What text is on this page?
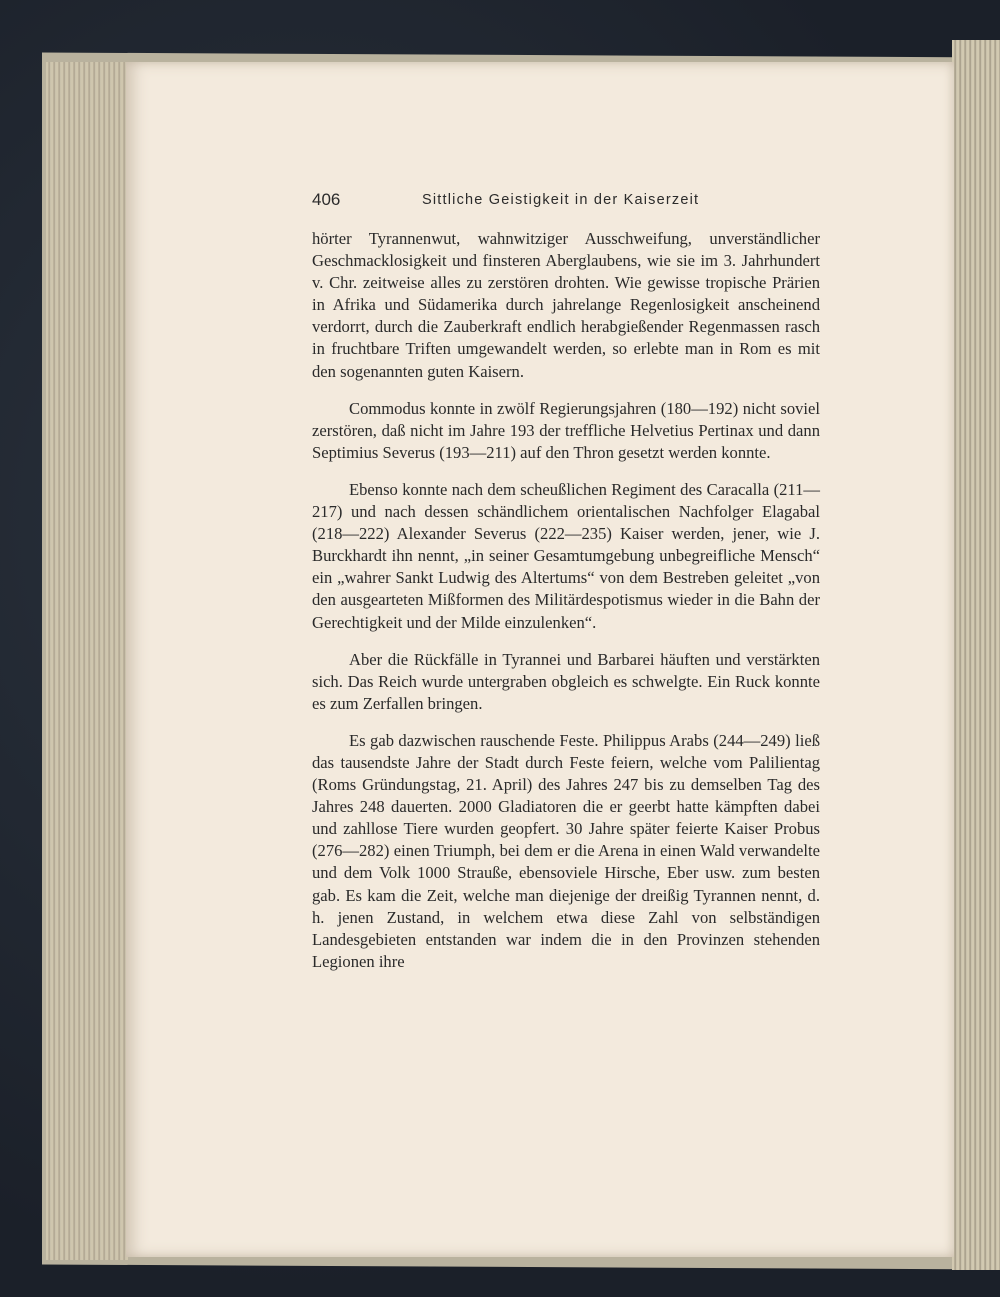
406	Sittliche Geistigkeit in der Kaiserzeit

hörter Tyrannenwut, wahnwitziger Ausschweifung, unverständlicher Geschmacklosigkeit und finsteren Aberglaubens, wie sie im 3. Jahrhundert v. Chr. zeitweise alles zu zerstören drohten. Wie gewisse tropische Prärien in Afrika und Südamerika durch jahrelange Regenlosigkeit anscheinend verdorrt, durch die Zauberkraft endlich herabgießender Regenmassen rasch in fruchtbare Triften umgewandelt werden, so erlebte man in Rom es mit den sogenannten guten Kaisern.

Commodus konnte in zwölf Regierungsjahren (180—192) nicht soviel zerstören, daß nicht im Jahre 193 der treffliche Helvetius Pertinax und dann Septimius Severus (193—211) auf den Thron gesetzt werden konnte.

Ebenso konnte nach dem scheußlichen Regiment des Caracalla (211—217) und nach dessen schändlichem orientalischen Nachfolger Elagabal (218—222) Alexander Severus (222—235) Kaiser werden, jener, wie J. Burckhardt ihn nennt, „in seiner Gesamtumgebung unbegreifliche Mensch“ ein „wahrer Sankt Ludwig des Altertums“ von dem Bestreben geleitet „von den ausgearteten Mißformen des Militärdespotismus wieder in die Bahn der Gerechtigkeit und der Milde einzulenken“.

Aber die Rückfälle in Tyrannei und Barbarei häuften und verstärkten sich. Das Reich wurde untergraben obgleich es schwelgte. Ein Ruck konnte es zum Zerfallen bringen.

Es gab dazwischen rauschende Feste. Philippus Arabs (244—249) ließ das tausendste Jahre der Stadt durch Feste feiern, welche vom Palilientag (Roms Gründungstag, 21. April) des Jahres 247 bis zu demselben Tag des Jahres 248 dauerten. 2000 Gladiatoren die er geerbt hatte kämpften dabei und zahllose Tiere wurden geopfert. 30 Jahre später feierte Kaiser Probus (276—282) einen Triumph, bei dem er die Arena in einen Wald verwandelte und dem Volk 1000 Strauße, ebensoviele Hirsche, Eber usw. zum besten gab. Es kam die Zeit, welche man diejenige der dreißig Tyrannen nennt, d. h. jenen Zustand, in welchem etwa diese Zahl von selbständigen Landesgebieten entstanden war indem die in den Provinzen stehenden Legionen ihre
